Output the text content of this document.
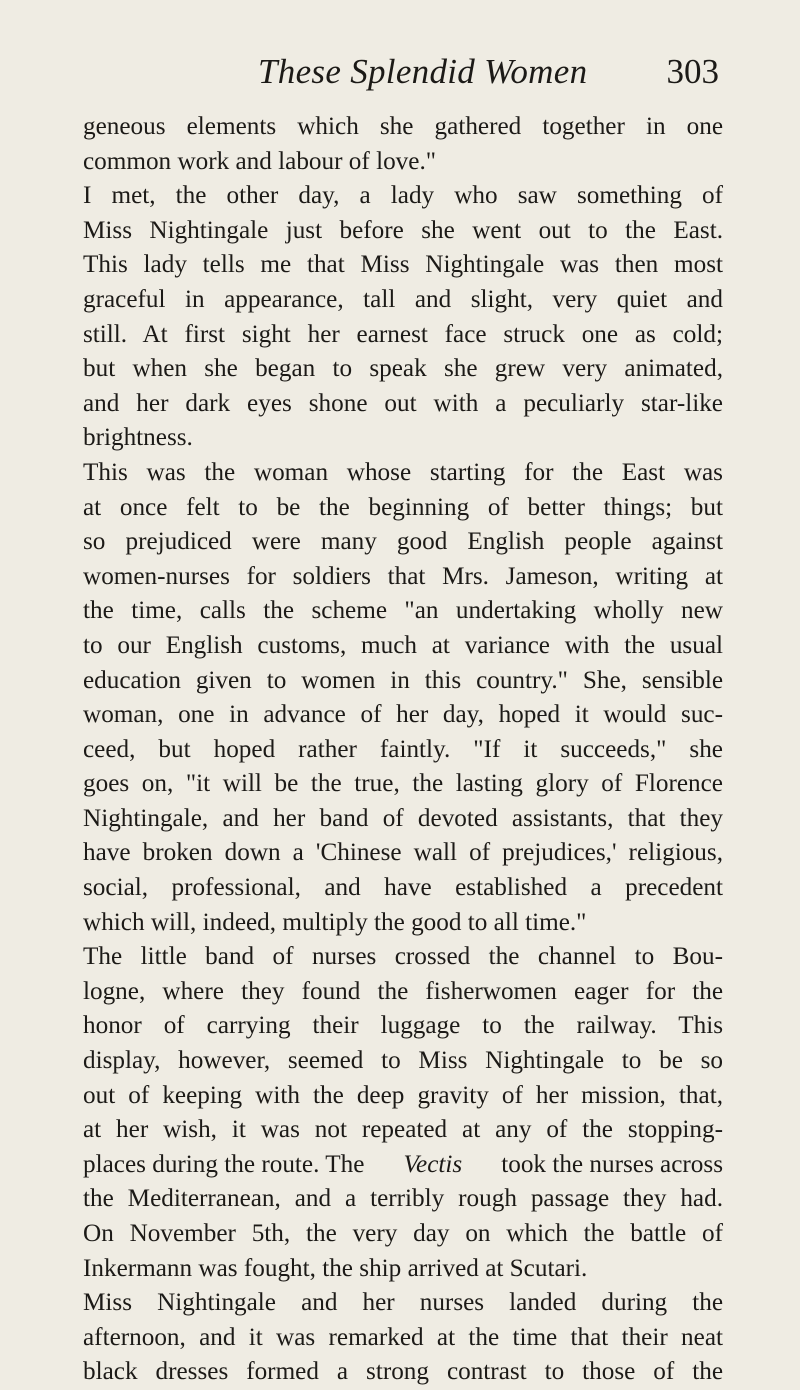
These Splendid Women 303
geneous elements which she gathered together in one
common work and labour of love."
I met, the other day, a lady who saw something of
Miss Nightingale just before she went out to the East.
This lady tells me that Miss Nightingale was then most
graceful in appearance, tall and slight, very quiet and
still. At first sight her earnest face struck one as cold;
but when she began to speak she grew very animated,
and her dark eyes shone out with a peculiarly star-like
brightness.
This was the woman whose starting for the East was
at once felt to be the beginning of better things; but
so prejudiced were many good English people against
women-nurses for soldiers that Mrs. Jameson, writing at
the time, calls the scheme "an undertaking wholly new
to our English customs, much at variance with the usual
education given to women in this country." She, sensible
woman, one in advance of her day, hoped it would suc-
ceed, but hoped rather faintly. "If it succeeds," she
goes on, "it will be the true, the lasting glory of Florence
Nightingale, and her band of devoted assistants, that they
have broken down a 'Chinese wall of prejudices,' religious,
social, professional, and have established a precedent
which will, indeed, multiply the good to all time."
The little band of nurses crossed the channel to Bou-
logne, where they found the fisherwomen eager for the
honor of carrying their luggage to the railway. This
display, however, seemed to Miss Nightingale to be so
out of keeping with the deep gravity of her mission, that,
at her wish, it was not repeated at any of the stopping-
places during the route. The Vectis took the nurses across
the Mediterranean, and a terribly rough passage they had.
On November 5th, the very day on which the battle of
Inkermann was fought, the ship arrived at Scutari.
Miss Nightingale and her nurses landed during the
afternoon, and it was remarked at the time that their neat
black dresses formed a strong contrast to those of the
